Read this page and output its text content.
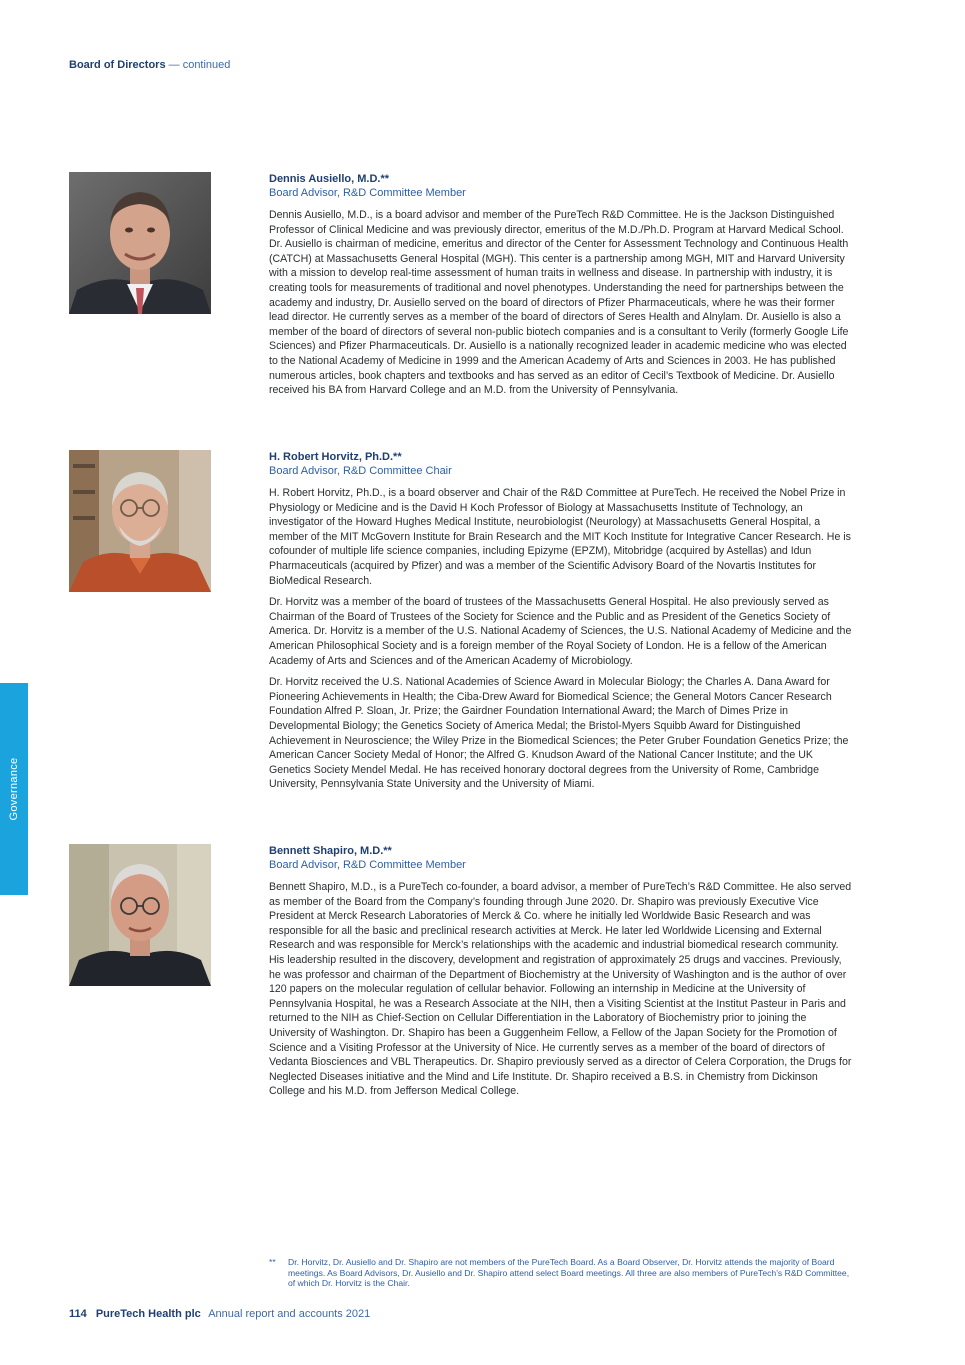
Board of Directors — continued
Dennis Ausiello, M.D.**
Board Advisor, R&D Committee Member

Dennis Ausiello, M.D., is a board advisor and member of the PureTech R&D Committee. He is the Jackson Distinguished Professor of Clinical Medicine and was previously director, emeritus of the M.D./Ph.D. Program at Harvard Medical School. Dr. Ausiello is chairman of medicine, emeritus and director of the Center for Assessment Technology and Continuous Health (CATCH) at Massachusetts General Hospital (MGH). This center is a partnership among MGH, MIT and Harvard University with a mission to develop real-time assessment of human traits in wellness and disease. In partnership with industry, it is creating tools for measurements of traditional and novel phenotypes. Understanding the need for partnerships between the academy and industry, Dr. Ausiello served on the board of directors of Pfizer Pharmaceuticals, where he was their former lead director. He currently serves as a member of the board of directors of Seres Health and Alnylam. Dr. Ausiello is also a member of the board of directors of several non-public biotech companies and is a consultant to Verily (formerly Google Life Sciences) and Pfizer Pharmaceuticals. Dr. Ausiello is a nationally recognized leader in academic medicine who was elected to the National Academy of Medicine in 1999 and the American Academy of Arts and Sciences in 2003. He has published numerous articles, book chapters and textbooks and has served as an editor of Cecil’s Textbook of Medicine. Dr. Ausiello received his BA from Harvard College and an M.D. from the University of Pennsylvania.

H. Robert Horvitz, Ph.D.**
Board Advisor, R&D Committee Chair

H. Robert Horvitz, Ph.D., is a board observer and Chair of the R&D Committee at PureTech. He received the Nobel Prize in Physiology or Medicine and is the David H Koch Professor of Biology at Massachusetts Institute of Technology, an investigator of the Howard Hughes Medical Institute, neurobiologist (Neurology) at Massachusetts General Hospital, a member of the MIT McGovern Institute for Brain Research and the MIT Koch Institute for Integrative Cancer Research. He is cofounder of multiple life science companies, including Epizyme (EPZM), Mitobridge (acquired by Astellas) and Idun Pharmaceuticals (acquired by Pfizer) and was a member of the Scientific Advisory Board of the Novartis Institutes for BioMedical Research.

Dr. Horvitz was a member of the board of trustees of the Massachusetts General Hospital. He also previously served as Chairman of the Board of Trustees of the Society for Science and the Public and as President of the Genetics Society of America. Dr. Horvitz is a member of the U.S. National Academy of Sciences, the U.S. National Academy of Medicine and the American Philosophical Society and is a foreign member of the Royal Society of London. He is a fellow of the American Academy of Arts and Sciences and of the American Academy of Microbiology.

Dr. Horvitz received the U.S. National Academies of Science Award in Molecular Biology; the Charles A. Dana Award for Pioneering Achievements in Health; the Ciba-Drew Award for Biomedical Science; the General Motors Cancer Research Foundation Alfred P. Sloan, Jr. Prize; the Gairdner Foundation International Award; the March of Dimes Prize in Developmental Biology; the Genetics Society of America Medal; the Bristol-Myers Squibb Award for Distinguished Achievement in Neuroscience; the Wiley Prize in the Biomedical Sciences; the Peter Gruber Foundation Genetics Prize; the American Cancer Society Medal of Honor; the Alfred G. Knudson Award of the National Cancer Institute; and the UK Genetics Society Mendel Medal. He has received honorary doctoral degrees from the University of Rome, Cambridge University, Pennsylvania State University and the University of Miami.

Bennett Shapiro, M.D.**
Board Advisor, R&D Committee Member

Bennett Shapiro, M.D., is a PureTech co-founder, a board advisor, a member of PureTech’s R&D Committee. He also served as member of the Board from the Company’s founding through June 2020. Dr. Shapiro was previously Executive Vice President at Merck Research Laboratories of Merck & Co. where he initially led Worldwide Basic Research and was responsible for all the basic and preclinical research activities at Merck. He later led Worldwide Licensing and External Research and was responsible for Merck’s relationships with the academic and industrial biomedical research community. His leadership resulted in the discovery, development and registration of approximately 25 drugs and vaccines. Previously, he was professor and chairman of the Department of Biochemistry at the University of Washington and is the author of over 120 papers on the molecular regulation of cellular behavior. Following an internship in Medicine at the University of Pennsylvania Hospital, he was a Research Associate at the NIH, then a Visiting Scientist at the Institut Pasteur in Paris and returned to the NIH as Chief-Section on Cellular Differentiation in the Laboratory of Biochemistry prior to joining the University of Washington. Dr. Shapiro has been a Guggenheim Fellow, a Fellow of the Japan Society for the Promotion of Science and a Visiting Professor at the University of Nice. He currently serves as a member of the board of directors of Vedanta Biosciences and VBL Therapeutics. Dr. Shapiro previously served as a director of Celera Corporation, the Drugs for Neglected Diseases initiative and the Mind and Life Institute. Dr. Shapiro received a B.S. in Chemistry from Dickinson College and his M.D. from Jefferson Medical College.

Governance
** Dr. Horvitz, Dr. Ausiello and Dr. Shapiro are not members of the PureTech Board. As a Board Observer, Dr. Horvitz attends the majority of Board meetings. As Board Advisors, Dr. Ausiello and Dr. Shapiro attend select Board meetings. All three are also members of PureTech’s R&D Committee, of which Dr. Horvitz is the Chair.
114 PureTech Health plc Annual report and accounts 2021
